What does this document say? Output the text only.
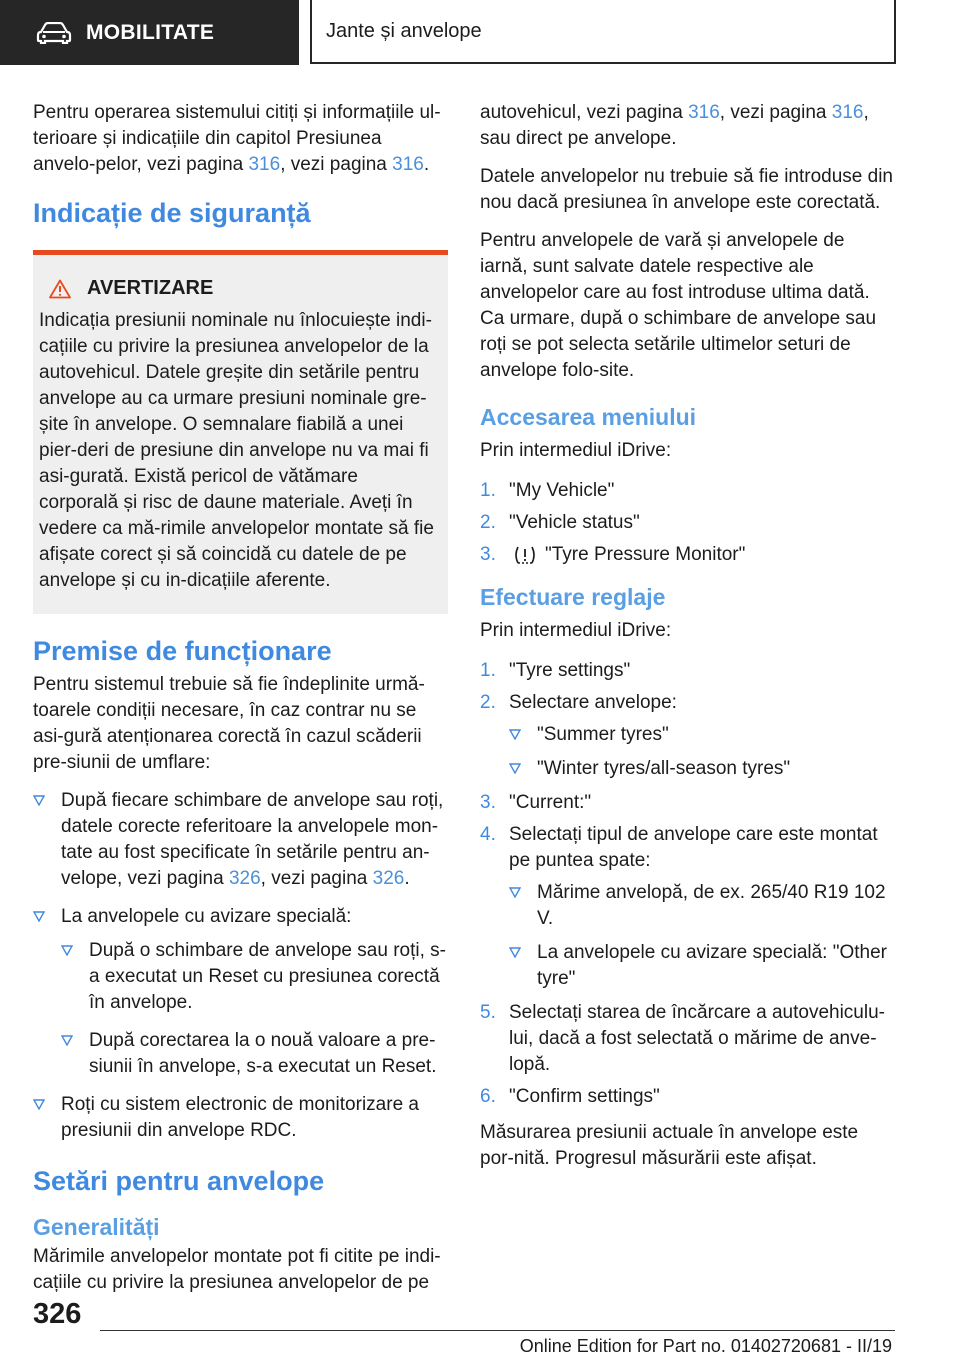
MOBILITATE	Jante și anvelope

Pentru operarea sistemului citiți și informațiile ul-terioare și indicațiile din capitol Presiunea anvelo-pelor, vezi pagina 316, vezi pagina 316.

Indicație de siguranță
AVERTIZARE

Indicația presiunii nominale nu înlocuiește indi-cațiile cu privire la presiunea anvelopelor de la autovehicul. Datele greșite din setările pentru anvelope au ca urmare presiuni nominale gre-șite în anvelope. O semnalare fiabilă a unei pier-deri de presiune din anvelope nu va mai fi asi-gurată. Există pericol de vătămare corporală și risc de daune materiale. Aveți în vedere ca mă-rimile anvelopelor montate să fie afișate corect și să coincidă cu datele de pe anvelope și cu in-dicațiile aferente.

Premise de funcționare

Pentru sistemul trebuie să fie îndeplinite urmă-toarele condiții necesare, în caz contrar nu se asi-gură atenționarea corectă în cazul scăderii pre-siunii de umflare:

După fiecare schimbare de anvelope sau roți, datele corecte referitoare la anvelopele mon-tate au fost specificate în setările pentru an-velope, vezi pagina 326, vezi pagina 326.
La anvelopele cu avizare specială:
După o schimbare de anvelope sau roți, s-a executat un Reset cu presiunea corectă în anvelope.
După corectarea la o nouă valoare a pre-siunii în anvelope, s-a executat un Reset.
Roți cu sistem electronic de monitorizare a presiunii din anvelope RDC.
Setări pentru anvelope
Generalități

Mărimile anvelopelor montate pot fi citite pe indi-cațiile cu privire la presiunea anvelopelor de pe

autovehicul, vezi pagina 316, vezi pagina 316, sau direct pe anvelope.

Datele anvelopelor nu trebuie să fie introduse din nou dacă presiunea în anvelope este corectată.

Pentru anvelopele de vară și anvelopele de iarnă, sunt salvate datele respective ale anvelopelor care au fost introduse ultima dată. Ca urmare, după o schimbare de anvelope sau roți se pot selecta setările ultimelor seturi de anvelope folo-site.

Accesarea meniului

Prin intermediul iDrive:

1. "My Vehicle"
2. "Vehicle status"
3.	"Tyre Pressure Monitor"
Efectuare reglaje

Prin intermediul iDrive:

1. "Tyre settings"
2. Selectare anvelope:
"Summer tyres"
"Winter tyres/all-season tyres"
3. "Current:"
4. Selectați tipul de anvelope care este montat pe puntea spate:
Mărime anvelopă, de ex. 265/40 R19 102 V.
La anvelopele cu avizare specială: "Other tyre"
5. Selectați starea de încărcare a autovehiculu-lui, dacă a fost selectată o mărime de anve-lopă.
6. "Confirm settings"

Măsurarea presiunii actuale în anvelope este por-nită. Progresul măsurării este afișat.

326
Online Edition for Part no. 01402720681 - II/19
